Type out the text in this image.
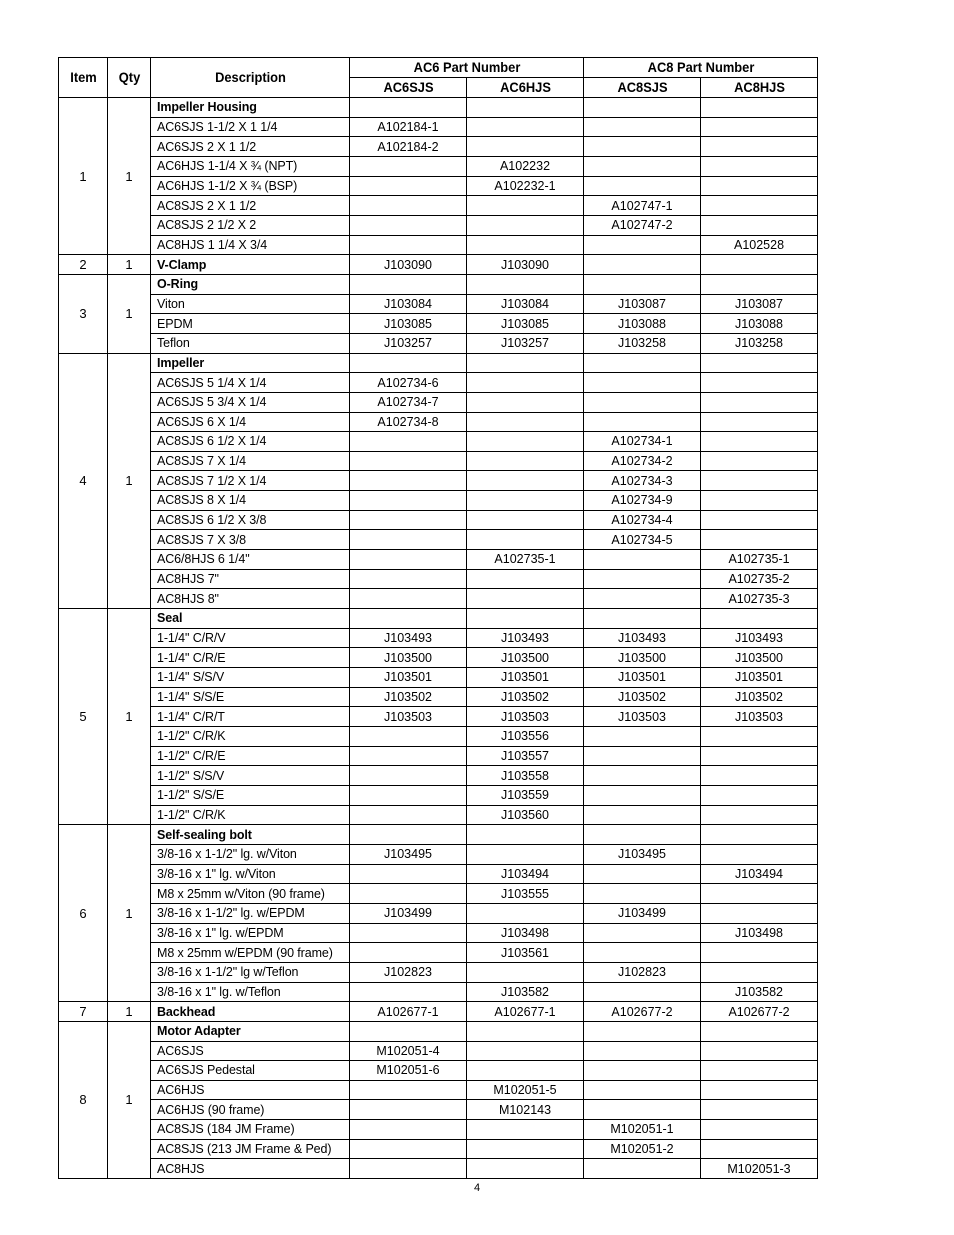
Item	Qty	Description	AC6 Part Number		AC8 Part Number	
			AC6SJS	AC6HJS	AC8SJS	AC8HJS
1	1	Impeller Housing				
		AC6SJS 1-1/2 X 1 1/4	A102184-1			
		AC6SJS 2 X 1 1/2	A102184-2			
		AC6HJS 1-1/4 X ¾ (NPT)		A102232		
		AC6HJS 1-1/2 X ¾ (BSP)		A102232-1		
		AC8SJS 2 X 1 1/2			A102747-1	
		AC8SJS 2 1/2 X 2			A102747-2	
		AC8HJS 1 1/4 X 3/4				A102528
2	1	V-Clamp	J103090	J103090		
3	1	O-Ring				
		Viton	J103084	J103084	J103087	J103087
		EPDM	J103085	J103085	J103088	J103088
		Teflon	J103257	J103257	J103258	J103258
4	1	Impeller				
		AC6SJS 5 1/4 X 1/4	A102734-6			
		AC6SJS 5 3/4 X 1/4	A102734-7			
		AC6SJS 6 X 1/4	A102734-8			
		AC8SJS 6 1/2 X 1/4			A102734-1	
		AC8SJS 7 X 1/4			A102734-2	
		AC8SJS 7 1/2 X 1/4			A102734-3	
		AC8SJS 8 X 1/4			A102734-9	
		AC8SJS 6 1/2 X 3/8			A102734-4	
		AC8SJS 7 X 3/8			A102734-5	
		AC6/8HJS 6 1/4"		A102735-1		A102735-1
		AC8HJS 7"				A102735-2
		AC8HJS 8"				A102735-3
5	1	Seal				
		1-1/4" C/R/V	J103493	J103493	J103493	J103493
		1-1/4" C/R/E	J103500	J103500	J103500	J103500
		1-1/4" S/S/V	J103501	J103501	J103501	J103501
		1-1/4" S/S/E	J103502	J103502	J103502	J103502
		1-1/4" C/R/T	J103503	J103503	J103503	J103503
		1-1/2" C/R/K		J103556		
		1-1/2" C/R/E		J103557		
		1-1/2" S/S/V		J103558		
		1-1/2" S/S/E		J103559		
		1-1/2" C/R/K		J103560		
6	1	Self-sealing bolt				
		3/8-16 x 1-1/2" lg. w/Viton	J103495		J103495	
		3/8-16 x 1" lg. w/Viton		J103494		J103494
		M8 x 25mm w/Viton (90 frame)		J103555		
		3/8-16 x 1-1/2" lg. w/EPDM	J103499		J103499	
		3/8-16 x 1" lg. w/EPDM		J103498		J103498
		M8 x 25mm w/EPDM (90 frame)		J103561		
		3/8-16 x 1-1/2" lg w/Teflon	J102823		J102823	
		3/8-16 x 1" lg. w/Teflon		J103582		J103582
7	1	Backhead	A102677-1	A102677-1	A102677-2	A102677-2
8	1	Motor Adapter				
		AC6SJS	M102051-4			
		AC6SJS Pedestal	M102051-6			
		AC6HJS		M102051-5		
		AC6HJS (90 frame)		M102143		
		AC8SJS (184 JM Frame)			M102051-1	
		AC8SJS (213 JM Frame & Ped)			M102051-2	
		AC8HJS				M102051-3
4
